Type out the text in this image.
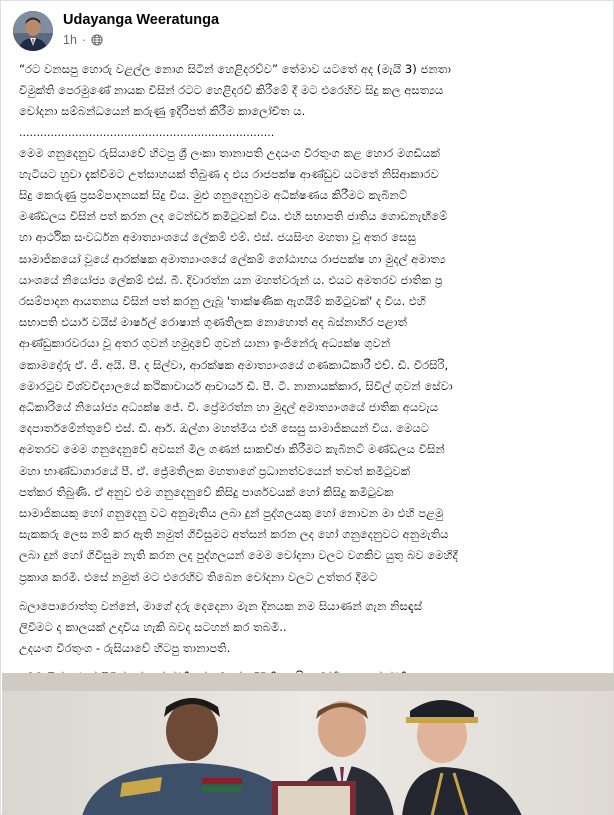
Udayanga Weeratunga
1h ·
“රට වනසපු හොරු වළල්ල නොග සිටින් හෙළිදරව්ව” තේමාව යටතේ අද (මැයි 3) ජනතා
විමුක්ති පෙරමුණේ නායක විසින් රටට හෙළිදරව් කිරීමේ දී මට එරෙහිව සිදු කල අසත්‍යය
චෝදනා සම්බන්ධයෙන් කරුණු ඉදිරිපත් කිරීම කාලෝචිත ය.
·········································································
මෙම ගනුදෙනුව රුසියාවේ හිටපු ශ්‍රී ලංකා තානාපති උදයංග වීරතුංග කළ හොර මගඩියක්
හැටියට හුවා දැක්වීමට උත්සාහයක් තිබුණ ද එය රාජපක්ෂ ආණ්ඩුව යටතේ නිසිආකාරව
සිදු කෙරුණු ප්‍රසම්පාදනයක් සිදු විය. මුළු ගනුදෙනුවම අධීක්ෂණය කිරීමට කැබිනට්
මණ්ඩලය විසින් පත් කරන ලද ටෙන්ඩර් කමිටුවක් විය. එහි සභාපති ජාතිය ගොඩනැඟීමේ
හා ආර්ථික සංවර්ධන අමාත්‍යාංශයේ ලේකම් එම්. එස්. ජයසිංහ මහතා වූ අතර සෙසු
සාමාජිකයෝ වූයේ ආරක්ෂක අමාත්‍යාංශයේ ලේකම් ගෝඨාභය රාජපක්ෂ හා මුදල් අමාත්‍ය
යාංශයේ නියෝජ්‍ය ලේකම් එස්. බී. දිවාරත්න යන මහත්වරුන් ය. එයට අමතරව ජාතික ප්‍ර
රසම්පාදන ආයතනය විසින් පත් කරනු ලැබූ 'තාක්ෂණික ඇගයීම් කමිටුවක්' ද විය. එහි
සභාපති එයාර් වයිස් මාර්ෂල් රොෂාන් ගුණතිලක නොහොත් අද බස්නාහිර පළාත්
ආණ්ඩුකාරවරයා වූ අතර ගුවන් හමුදාවේ ගුවන් යානා ඉංජිනේරු අධ්‍යක්ෂ ගුවන්
කොමදෝරු ඒ. ජී. අයි. පී. ද සිල්වා, ආරක්ෂක අමාත්‍යාංශයේ ගණකාධිකාරී එච්. ඩී. වීරසිරි,
මොරටුව විශ්වවිද්‍යාලයේ කථිකාචාර්ය ආචාර්ය ඩී. පී. ටී. නානායක්කාර, සිවිල් ගුවන් සේවා
අධිකාරියේ නියෝජ්‍ය අධ්‍යක්ෂ ජේ. වී. ප්‍රේමරත්න හා මුදල් අමාත්‍යාංශයේ ජාතික අයවැය
දෙපාර්තමේන්තුවේ එස්. ඩී. ආර්. ඔල්ගා මහත්මිය එහි සෙසු සාමාජිකයන් විය. මෙයට
අමතරව මෙම ගනුදෙනුවේ අවසන් මිල ගණන් සාකච්ඡා කිරීමට කැබිනට් මණ්ඩලය විසින්
මහා භාණ්ඩාගාරයේ පී. ඒ. ජ්‍රේමතිලක මහතාගේ ප්‍රධානත්වයෙන් තවත් කමිටුවක්
පත්කර තිබුණි. ඒ අනුව එම ගනුදෙනුවේ කිසිදු පාර්ශවයක් හෝ කිසිදු කමිටුවක
සාමාජිකයකු හෝ ගනුදෙනු වට අනුමැතිය ලබා දුන් පුද්ගලයකු හෝ නොවන මා එහි පළමු
සැකකරු ලෙස නම් කර ඇති නමුත් ගිවිසුමට අත්සන් කරන ලද හෝ ගනුදෙනුවට අනුමැතිය
ලබා දුන් හෝ ගිවිසුම නැති කරන ලද පුද්ගලයන් මෙම චෝදනා වලට වගකිව යුතු බව මෙහිදී
ප්‍රකාශ කරමි. එසේ නමුත් මට එරෙහිව තිබෙන චෝදනා වලට උත්තර දීමට
බලාපොරොත්තු වන්නේ, මාගේ දරු දෙදෙනා මැන දිනයක නම සියාණන් ගැන නිසඳැස්
ලිවීමට ද කාලයක් උදාවිය හැකි බවද සටහන් කර තබමි..
උදයංග වීරතුංග - රුසියාවේ හිටපු තානාපති.
